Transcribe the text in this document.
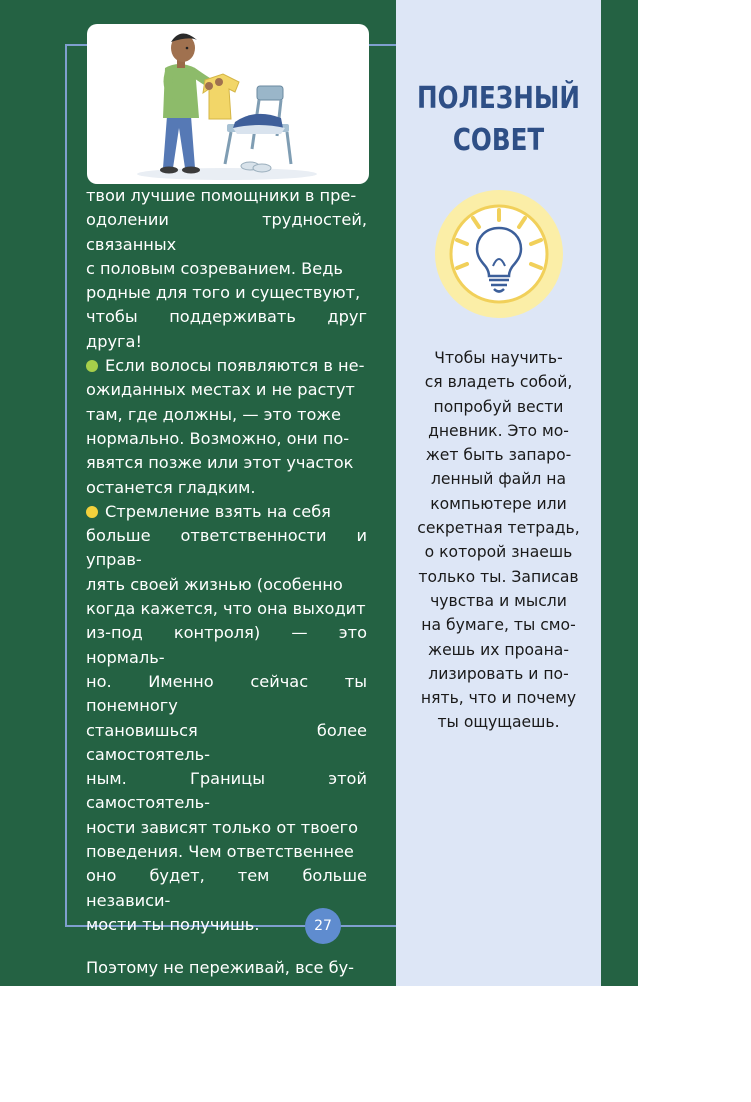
твои лучшие помощники в пре-
одолении трудностей, связанных
с половым созреванием. Ведь
родные для того и существуют,
чтобы поддерживать друг друга!

Если волосы появляются в не-
ожиданных местах и не растут
там, где должны, — это тоже
нормально. Возможно, они по-
явятся позже или этот участок
останется гладким.

Стремление взять на себя
больше ответственности и управ-
лять своей жизнью (особенно
когда кажется, что она выходит
из-под контроля) — это нормаль-
но. Именно сейчас ты понемногу
становишься более самостоятель-
ным. Границы этой самостоятель-
ности зависят только от твоего
поведения. Чем ответственнее
оно будет, тем больше независи-
мости ты получишь.

Поэтому не переживай, все бу-
дет хорошо. В конце концов все
утрясется, уляжется, и ты ста-
нешь гармоничным взрослым че-
ловеком!

27
ПОЛЕЗНЫЙ
СОВЕТ
Чтобы научить-
ся владеть собой,
попробуй вести
дневник. Это мо-
жет быть запаро-
ленный файл на
компьютере или
секретная тетрадь,
о которой знаешь
только ты. Записав
чувства и мысли
на бумаге, ты смо-
жешь их проана-
лизировать и по-
нять, что и почему
ты ощущаешь.
